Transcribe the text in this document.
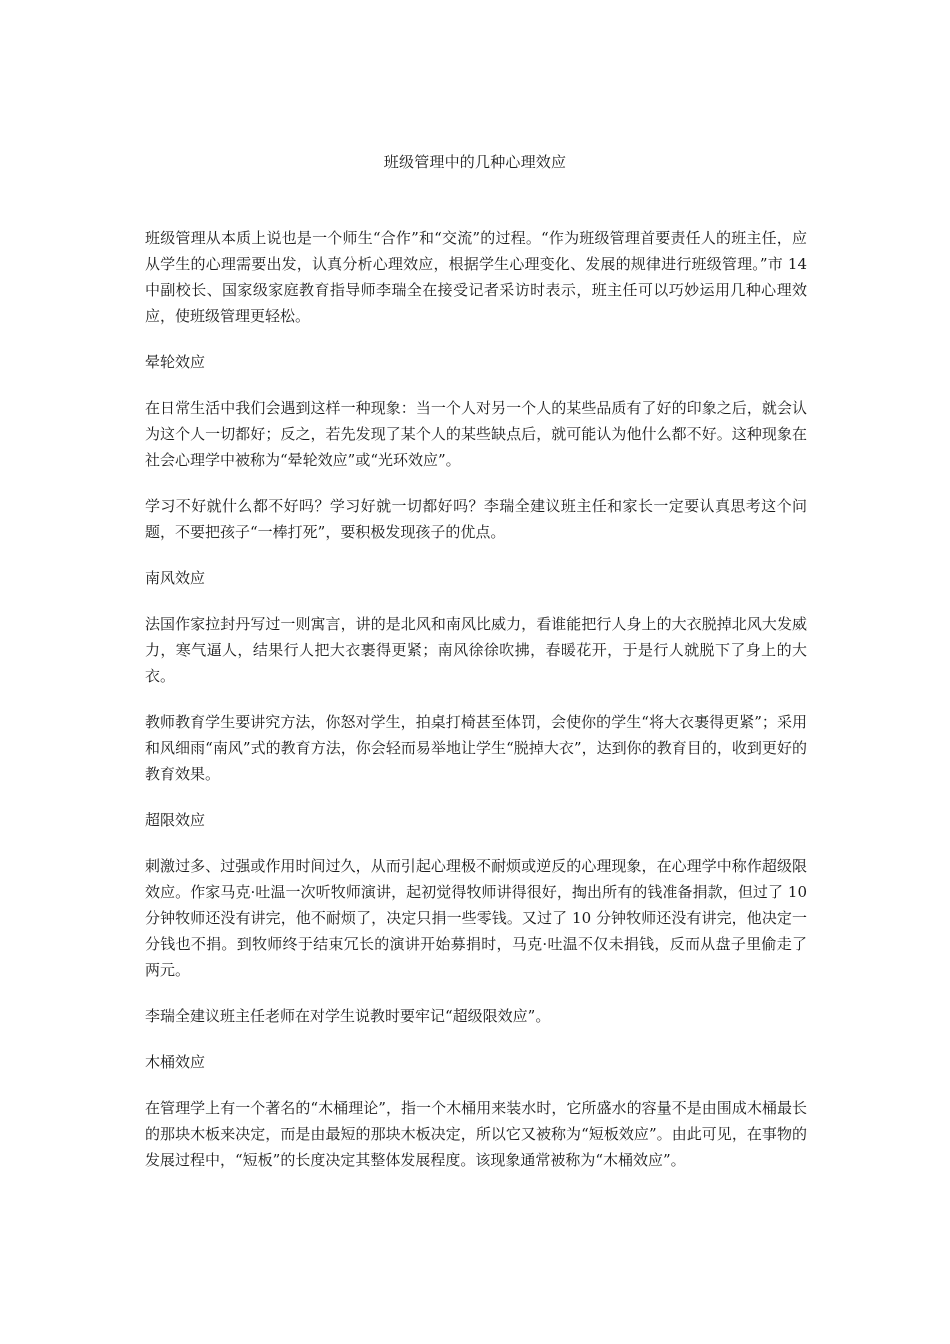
班级管理中的几种心理效应

班级管理从本质上说也是一个师生“合作”和“交流”的过程。“作为班级管理首要责任人的班主任，应从学生的心理需要出发，认真分析心理效应，根据学生心理变化、发展的规律进行班级管理。”市 14 中副校长、国家级家庭教育指导师李瑞全在接受记者采访时表示，班主任可以巧妙运用几种心理效应，使班级管理更轻松。

晕轮效应

在日常生活中我们会遇到这样一种现象：当一个人对另一个人的某些品质有了好的印象之后，就会认为这个人一切都好；反之，若先发现了某个人的某些缺点后，就可能认为他什么都不好。这种现象在社会心理学中被称为“晕轮效应”或“光环效应”。

学习不好就什么都不好吗？学习好就一切都好吗？李瑞全建议班主任和家长一定要认真思考这个问题，不要把孩子“一棒打死”，要积极发现孩子的优点。

南风效应

法国作家拉封丹写过一则寓言，讲的是北风和南风比威力，看谁能把行人身上的大衣脱掉北风大发威力，寒气逼人，结果行人把大衣裹得更紧；南风徐徐吹拂，春暖花开，于是行人就脱下了身上的大衣。

教师教育学生要讲究方法，你怒对学生，拍桌打椅甚至体罚，会使你的学生“将大衣裹得更紧”；采用和风细雨“南风”式的教育方法，你会轻而易举地让学生“脱掉大衣”，达到你的教育目的，收到更好的教育效果。

超限效应

刺激过多、过强或作用时间过久，从而引起心理极不耐烦或逆反的心理现象，在心理学中称作超级限效应。作家马克·吐温一次听牧师演讲，起初觉得牧师讲得很好，掏出所有的钱准备捐款，但过了 10 分钟牧师还没有讲完，他不耐烦了，决定只捐一些零钱。又过了 10 分钟牧师还没有讲完，他决定一分钱也不捐。到牧师终于结束冗长的演讲开始募捐时，马克·吐温不仅未捐钱，反而从盘子里偷走了两元。

李瑞全建议班主任老师在对学生说教时要牢记“超级限效应”。

木桶效应

在管理学上有一个著名的“木桶理论”，指一个木桶用来装水时，它所盛水的容量不是由围成木桶最长的那块木板来决定，而是由最短的那块木板决定，所以它又被称为“短板效应”。由此可见，在事物的发展过程中，“短板”的长度决定其整体发展程度。该现象通常被称为“木桶效应”。
